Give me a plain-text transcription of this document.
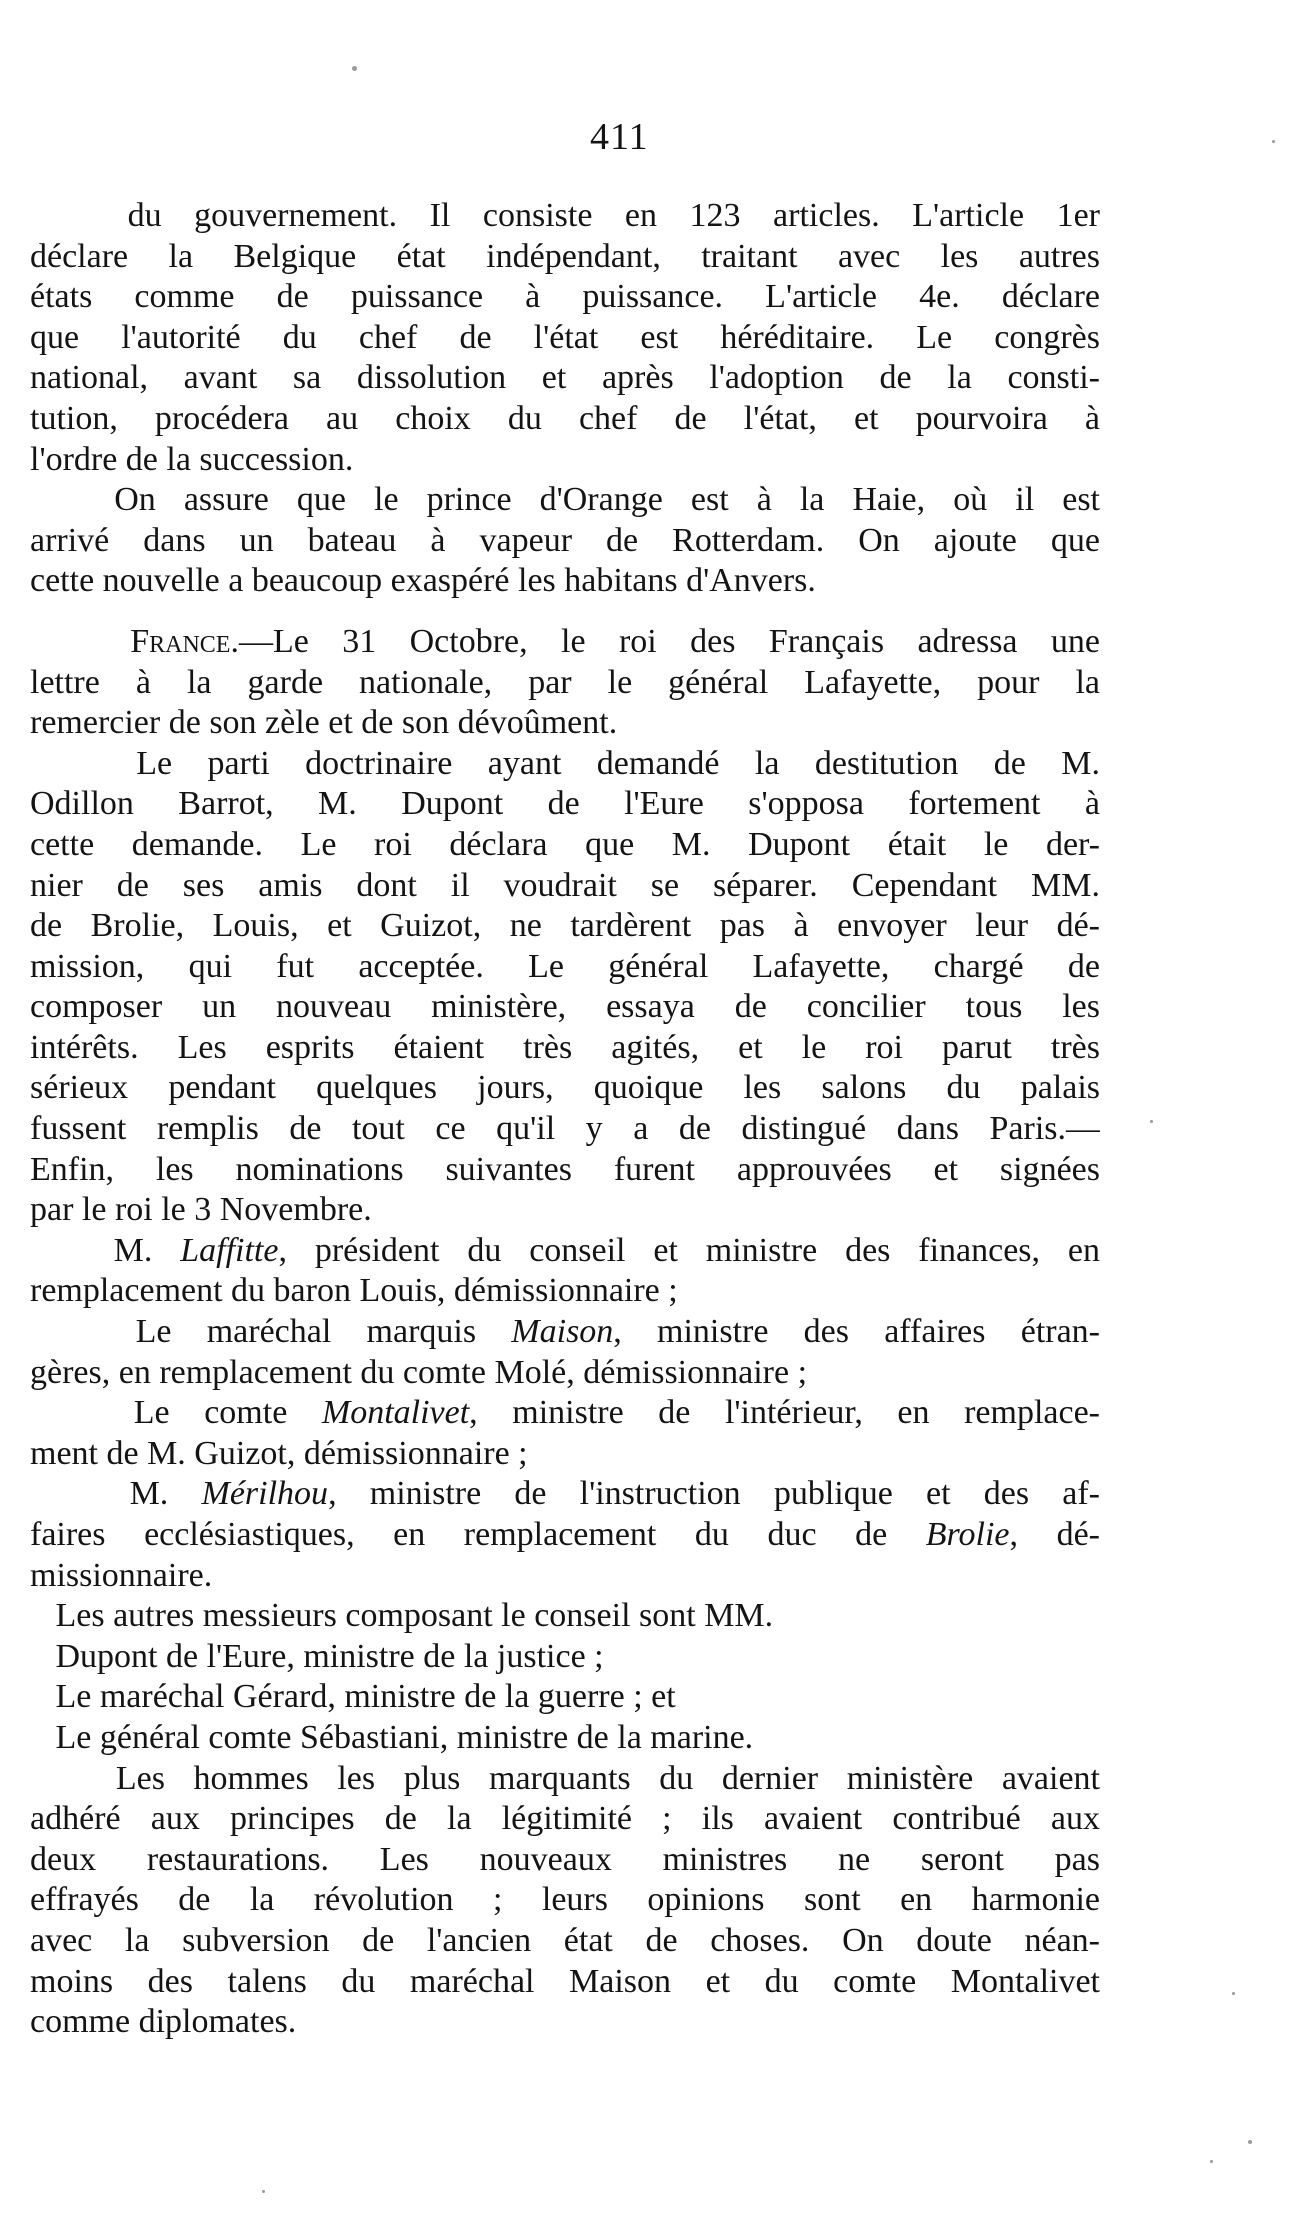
411
du gouvernement. Il consiste en 123 articles. L'article 1er
déclare la Belgique état indépendant, traitant avec les autres
états comme de puissance à puissance. L'article 4e. déclare
que l'autorité du chef de l'état est héréditaire. Le congrès
national, avant sa dissolution et après l'adoption de la consti-
tution, procédera au choix du chef de l'état, et pourvoira à
l'ordre de la succession.
On assure que le prince d'Orange est à la Haie, où il est
arrivé dans un bateau à vapeur de Rotterdam. On ajoute que
cette nouvelle a beaucoup exaspéré les habitans d'Anvers.
France.—Le 31 Octobre, le roi des Français adressa une
lettre à la garde nationale, par le général Lafayette, pour la
remercier de son zèle et de son dévoûment.
Le parti doctrinaire ayant demandé la destitution de M.
Odillon Barrot, M. Dupont de l'Eure s'opposa fortement à
cette demande. Le roi déclara que M. Dupont était le der-
nier de ses amis dont il voudrait se séparer. Cependant MM.
de Brolie, Louis, et Guizot, ne tardèrent pas à envoyer leur dé-
mission, qui fut acceptée. Le général Lafayette, chargé de
composer un nouveau ministère, essaya de concilier tous les
intérêts. Les esprits étaient très agités, et le roi parut très
sérieux pendant quelques jours, quoique les salons du palais
fussent remplis de tout ce qu'il y a de distingué dans Paris.—
Enfin, les nominations suivantes furent approuvées et signées
par le roi le 3 Novembre.
M. Laffitte, président du conseil et ministre des finances, en
remplacement du baron Louis, démissionnaire ;
Le maréchal marquis Maison, ministre des affaires étran-
gères, en remplacement du comte Molé, démissionnaire ;
Le comte Montalivet, ministre de l'intérieur, en remplace-
ment de M. Guizot, démissionnaire ;
M. Mérilhou, ministre de l'instruction publique et des af-
faires ecclésiastiques, en remplacement du duc de Brolie, dé-
missionnaire.
Les autres messieurs composant le conseil sont MM.
Dupont de l'Eure, ministre de la justice ;
Le maréchal Gérard, ministre de la guerre ; et
Le général comte Sébastiani, ministre de la marine.
Les hommes les plus marquants du dernier ministère avaient
adhéré aux principes de la légitimité ; ils avaient contribué aux
deux restaurations. Les nouveaux ministres ne seront pas
effrayés de la révolution ; leurs opinions sont en harmonie
avec la subversion de l'ancien état de choses. On doute néan-
moins des talens du maréchal Maison et du comte Montalivet
comme diplomates.
